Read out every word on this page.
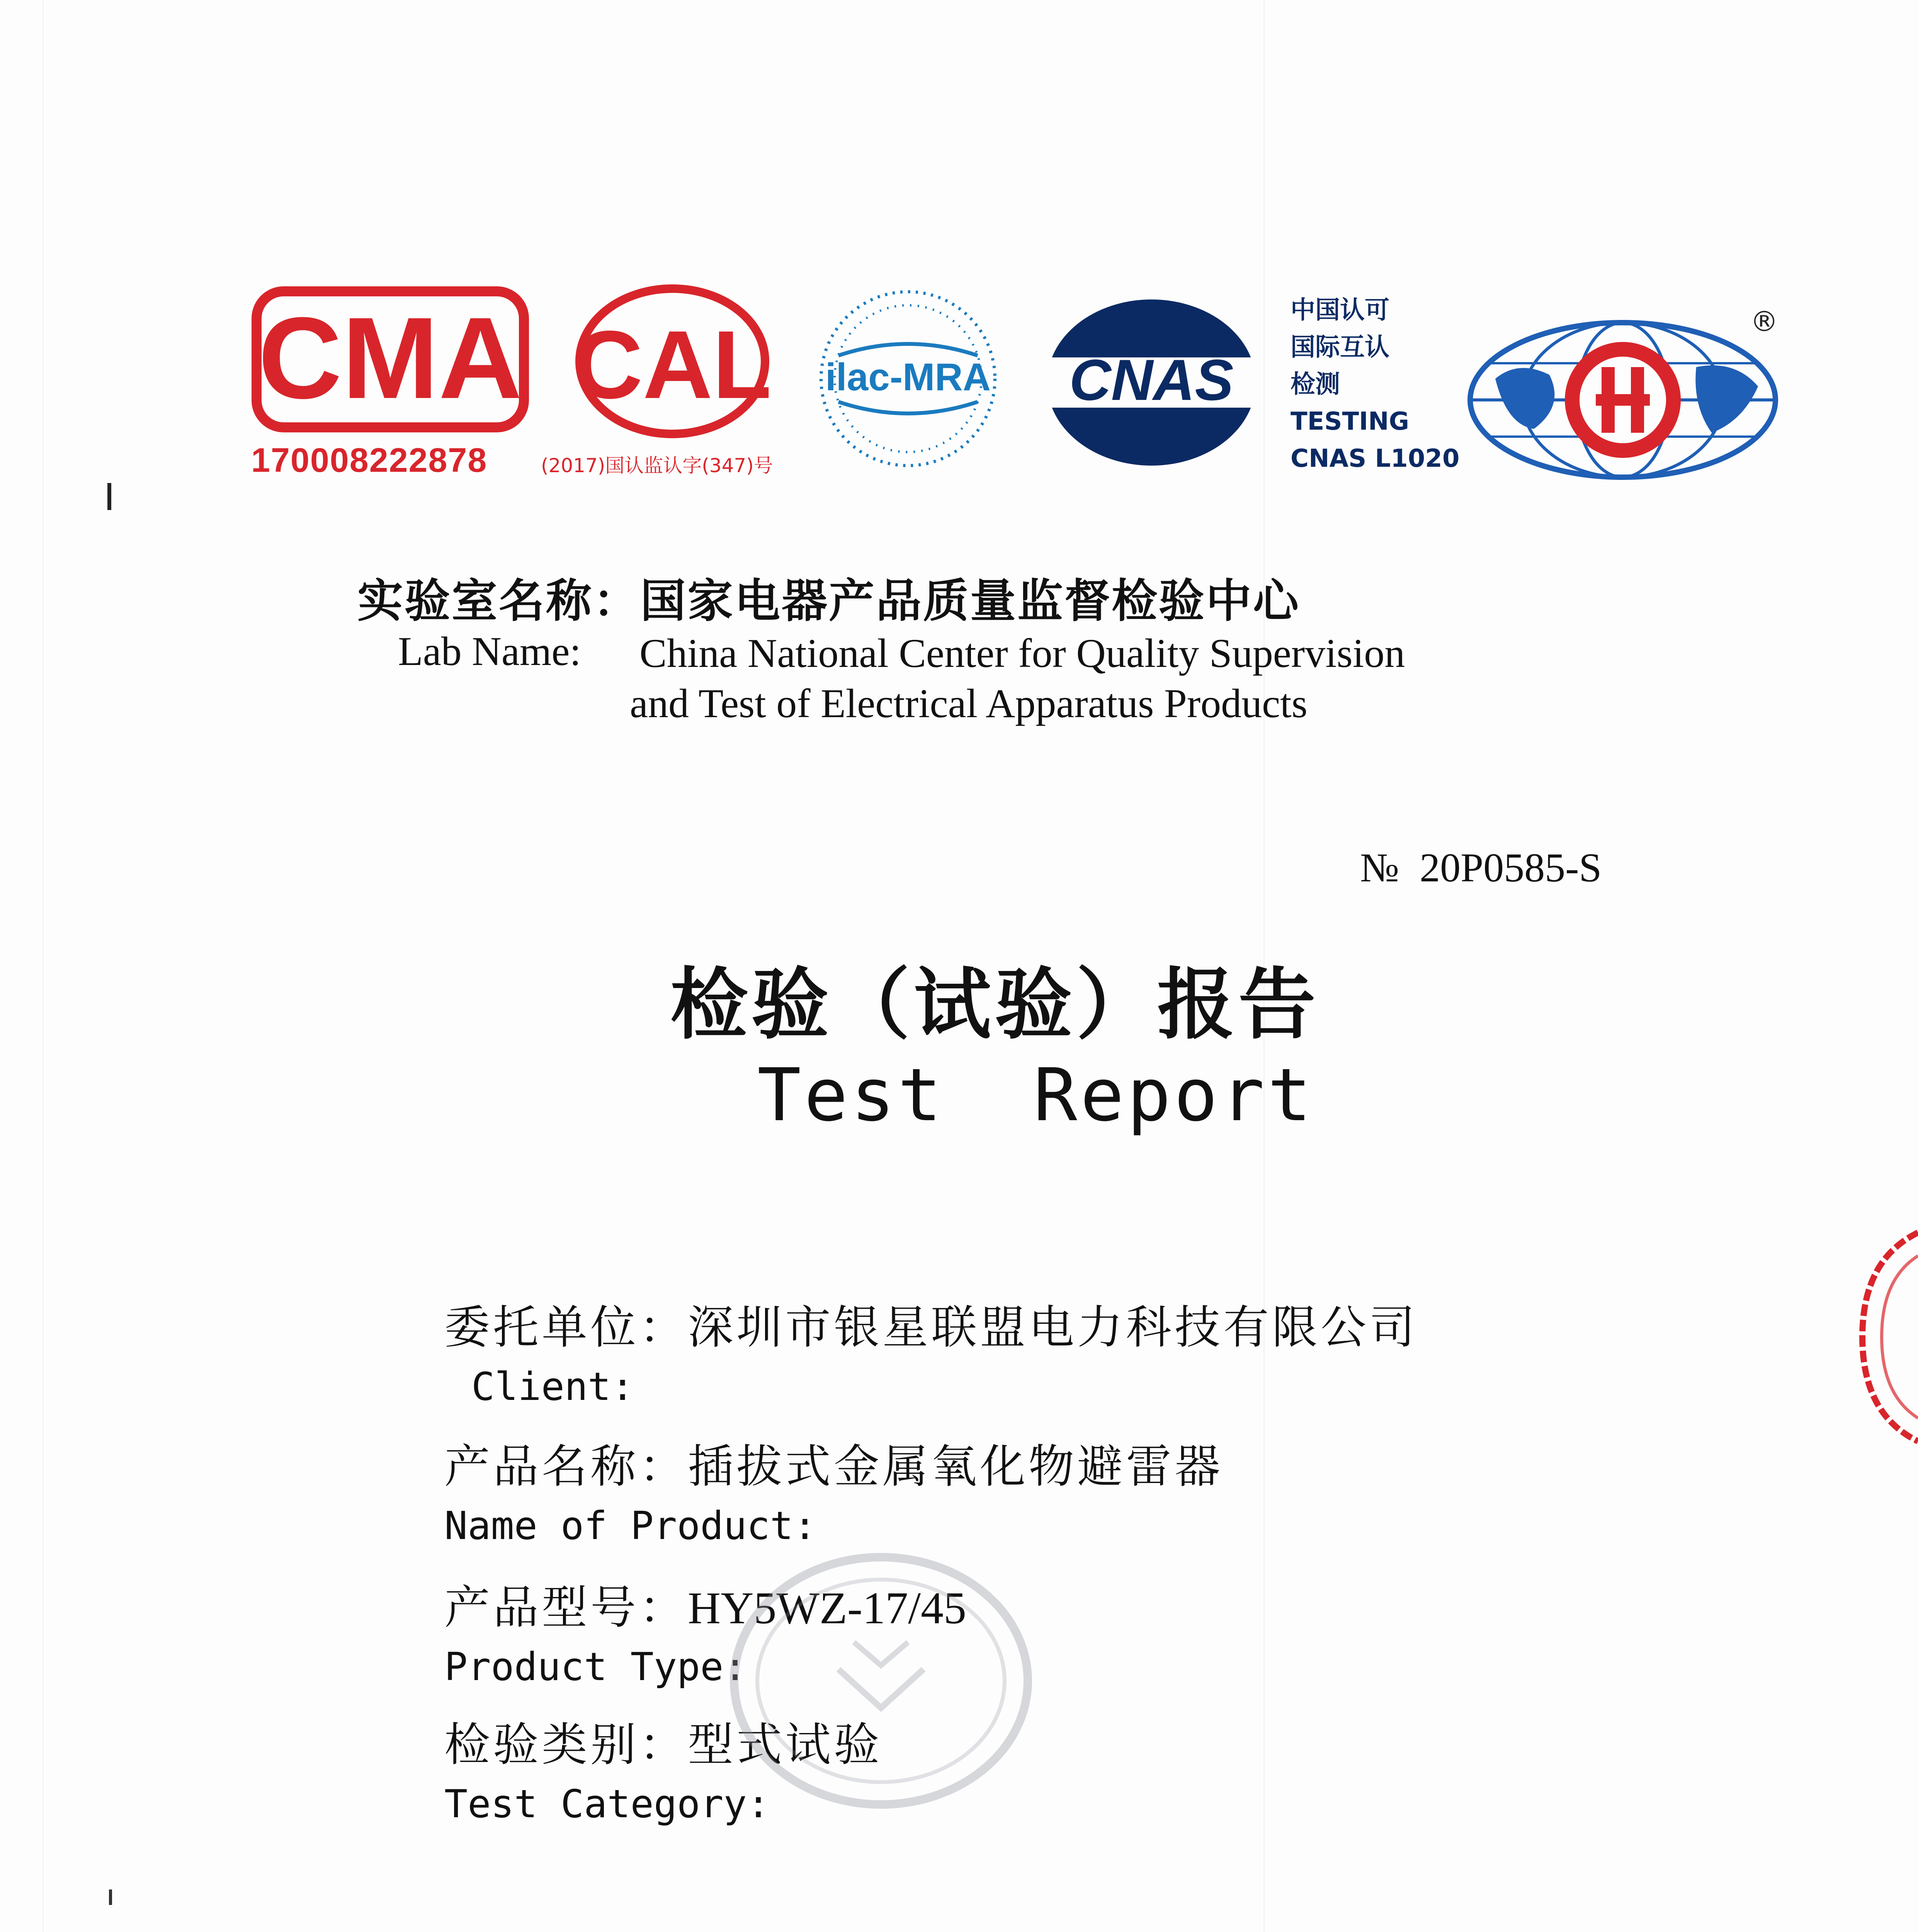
CMA
170008222878
CAL
(2017)国认监认字(347)号
ilac-MRA CNAS
中国认可
国际互认
检测
TESTING
CNAS L1020
®
实验室名称：国家电器产品质量监督检验中心
Lab Name: China National Center for Quality Supervision
and Test of Electrical Apparatus Products
№ 20P0585-S
检验（试验）报告
Test Report
委托单位：深圳市银星联盟电力科技有限公司
Client:
产品名称：插拔式金属氧化物避雷器
Name of Product:
产品型号：HY5WZ-17/45
Product Type:
检验类别：型式试验
Test Category:
